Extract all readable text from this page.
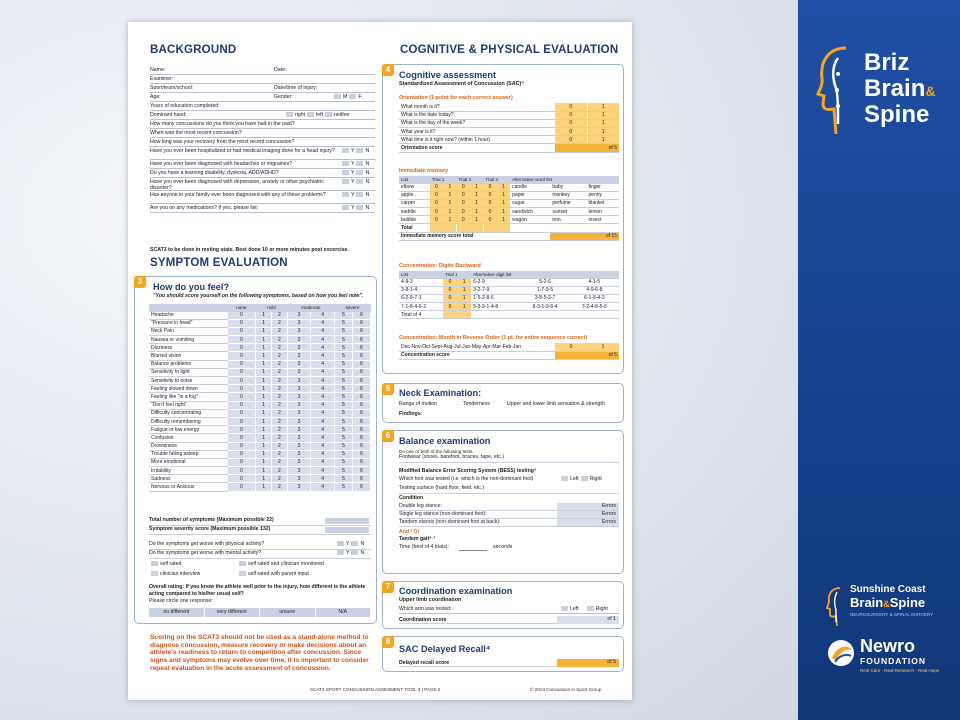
BACKGROUND
Name:	Date:
Examiner:
Sport/team/school:	Date/time of injury:
Age:	Gender:	M F
Years of education completed:
Dominant hand:	right left neither
How many concussions do you think you have had in the past?
When was the most recent concussion?
How long was your recovery from the most recent concussion?
Have you ever been hospitalized or had medical imaging done for a head injury?	Y N
Have you ever been diagnosed with headaches or migraines?	Y N
Do you have a learning disability, dyslexia, ADD/ADHD?	Y N
Have you ever been diagnosed with depression, anxiety or other psychiatric disorder?
Y N
Has anyone in your family ever been diagnosed with any of these problems?	Y N
Are you on any medications? If yes, please list:	Y N
SCAT3 to be done in resting state. Best done 10 or more minutes post excercise.
SYMPTOM EVALUATION
3
How do you feel?
"You should score yourself on the following symptoms, based on how you feel now".
	none	mild		moderate		severe	
Headache	0	1	2	3	4	5	6
"Pressure in head"	0	1	2	3	4	5	6
Neck Pain	0	1	2	3	4	5	6
Nausea or vomiting	0	1	2	3	4	5	6
Dizziness	0	1	2	3	4	5	6
Blurred vision	0	1	2	3	4	5	6
Balance problems	0	1	2	3	4	5	6
Sensitivity to light	0	1	2	3	4	5	6
Sensitivity to noise	0	1	2	3	4	5	6
Feeling slowed down	0	1	2	3	4	5	6
Feeling like "in a fog"	0	1	2	3	4	5	6
"Don't feel right"	0	1	2	3	4	5	6
Difficulty concentrating	0	1	2	3	4	5	6
Difficulty remembering	0	1	2	3	4	5	6
Fatigue or low energy	0	1	2	3	4	5	6
Confusion	0	1	2	3	4	5	6
Drowsiness	0	1	2	3	4	5	6
Trouble falling asleep	0	1	2	3	4	5	6
More emotional	0	1	2	3	4	5	6
Irritability	0	1	2	3	4	5	6
Sadness	0	1	2	3	4	5	6
Nervous or Anxious	0	1	2	3	4	5	6
Total number of symptoms (Maximum possible 22)
Symptom severity score (Maximum possible 132)
Do the symptoms get worse with physical activity?	Y N
Do the symptoms get worse with mental activity?	Y N
self rated	self rated and clinician monitored
clinician interview	self rated with parent input
Overall rating: If you know the athlete well prior to the injury, how different is the athlete acting compared to his/her usual self?
Please circle one response:
no different	very different	unsure	N/A
Scoring on the SCAT3 should not be used as a stand-alone method to diagnose concussion, measure recovery or make decisions about an athlete's readiness to return to competition after concussion. Since signs and symptoms may evolve over time, it is important to consider repeat evaluation in the acute assessment of concussion.
SCAT3 SPORT CONCUSSION ASSESMENT TOOL 3 | PAGE 2
COGNITIVE & PHYSICAL EVALUATION
4
Cognitive assessment
Standardized Assessment of Concussion (SAC)⁴
Orientation (1 point for each correct answer)
What month is it?	0	1
What is the date today?	0	1
What is the day of the week?	0	1
What year is it?	0	1
What time is it right now? (within 1 hour)	0	1
Orientation score	of 5	
Immediate memory
List	Trial 1		Trial 2		Trial 3		Alternative word list		
elbow	0	1	0	1	0	1	candle	baby	finger
apple	0	1	0	1	0	1	paper	monkey	penny
carpet	0	1	0	1	0	1	sugar	perfume	blanket
saddle	0	1	0	1	0	1	sandwich	sunset	lemon
bubble	0	1	0	1	0	1	wagon	iron	insect
Total									
Immediate memory score total								of 15	
Concentration: Digits Backward
List	Trial 1		Alternative digit list		
4-9-3	0	1	6-2-9	5-2-6	4-1-5
3-8-1-4	0	1	3-2-7-9	1-7-9-5	4-9-6-8
6-2-9-7-1	0	1	1-5-2-8-6	3-8-5-2-7	6-1-8-4-3
7-1-8-4-6-2	0	1	5-3-9-1-4-8	8-3-1-9-6-4	7-2-4-8-5-6
Total of 4					
Concentration: Month in Reverse Order (1 pt. for entire sequence correct)
Dec-Nov-Oct-Sept-Aug-Jul-Jun-May-Apr-Mar-Feb-Jan	0	1
Concentration score	of 5	
5 Neck Examination:
Range of motion	Tenderness	Upper and lower limb sensation & strength
Findings:
6
Balance examination
Do one or both of the following tests.
Footwear (shoes, barefoot, braces, tape, etc.)
Modified Balance Error Scoring System (BESS) testing⁵
Which foot was tested (i.e. which is the non-dominant foot)	Left Right
Testing surface (hard floor, field, etc.)
Condition
Double leg stance:	Errors
Single leg stance (non-dominant foot):	Errors
Tandem stance (non-dominant foot at back):	Errors
And / Or
Tandem gait⁶·⁷
Time (best of 4 trials):	seconds
7 Coordination examination
Upper limb coordination
Which arm was tested:	Left	Right
Coordination score	of 1
8
SAC Delayed Recall⁴
Delayed recall score	of 5
© 2013 Concussion in Sport Group
Briz
Brain&
Spine
Sunshine Coast
Brain&Spine
NEUROSURGERY & SPINAL SURGERY
Newro
FOUNDATION
Real Care · Real Research · Real Hope
